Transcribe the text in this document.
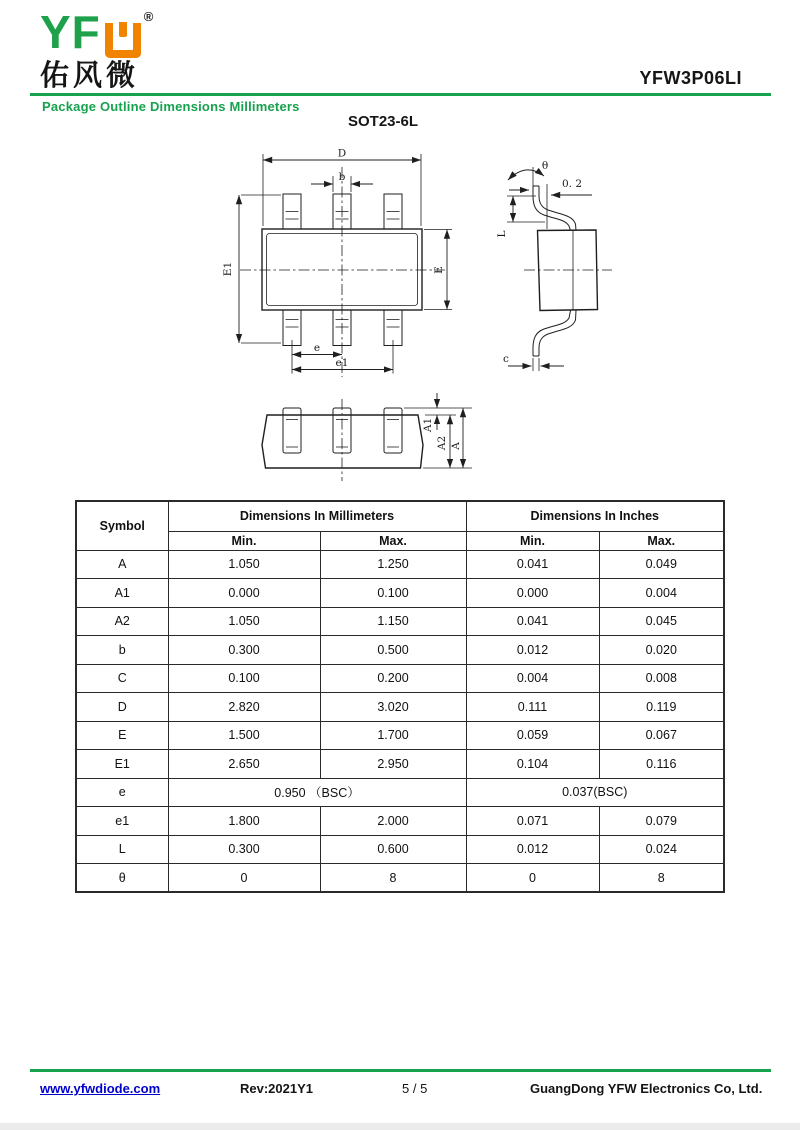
YF	®
佑风微	YFW3P06LI
Package Outline Dimensions Millimeters
SOT23-6L
D
b
E1	E
e
e1
θ
0. 2
L
c
A1
A2 A
Symbol	Dimensions In Millimeters		Dimensions In Inches	
	Min.	Max.	Min.	Max.
A	1.050	1.250	0.041	0.049
A1	0.000	0.100	0.000	0.004
A2	1.050	1.150	0.041	0.045
b	0.300	0.500	0.012	0.020
C	0.100	0.200	0.004	0.008
D	2.820	3.020	0.111	0.119
E	1.500	1.700	0.059	0.067
E1	2.650	2.950	0.104	0.116
e	0.950 （BSC）		0.037(BSC)	
e1	1.800	2.000	0.071	0.079
L	0.300	0.600	0.012	0.024
θ	0	8	0	8
www.yfwdiode.com	Rev:2021Y1	5 / 5	GuangDong YFW Electronics Co, Ltd.
